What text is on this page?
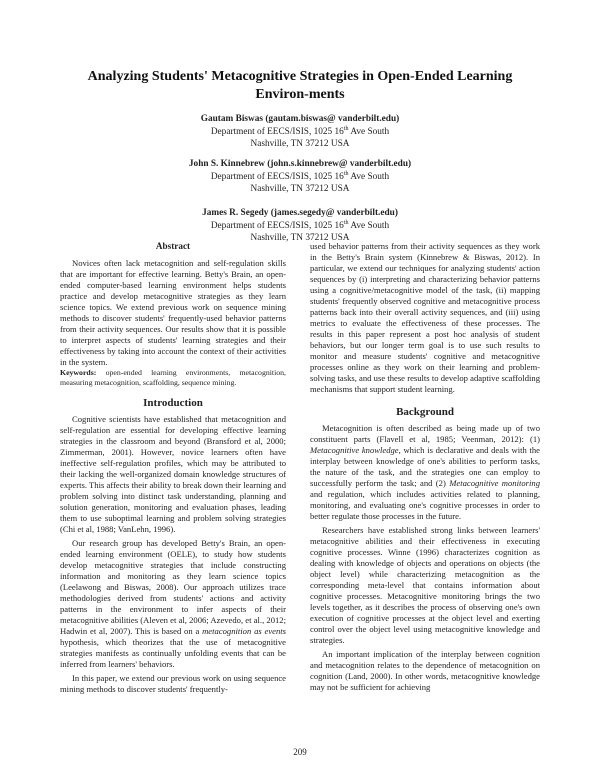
Analyzing Students' Metacognitive Strategies in Open-Ended Learning Environ-ments
Gautam Biswas (gautam.biswas@ vanderbilt.edu)
Department of EECS/ISIS, 1025 16th Ave South
Nashville, TN 37212 USA
John S. Kinnebrew (john.s.kinnebrew@ vanderbilt.edu)
Department of EECS/ISIS, 1025 16th Ave South
Nashville, TN 37212 USA
James R. Segedy (james.segedy@ vanderbilt.edu)
Department of EECS/ISIS, 1025 16th Ave South
Nashville, TN 37212 USA
Abstract

Novices often lack metacognition and self-regulation skills that are important for effective learning. Betty's Brain, an open-ended computer-based learning environment helps students practice and develop metacognitive strategies as they learn science topics. We extend previous work on sequence mining methods to discover students' frequently-used behavior patterns from their activity sequences. Our results show that it is possible to interpret aspects of students' learning strategies and their effectiveness by taking into account the context of their activities in the system.

Keywords: open-ended learning environments, metacognition, measuring metacognition, scaffolding, sequence mining.

Introduction

Cognitive scientists have established that metacognition and self-regulation are essential for developing effective learning strategies in the classroom and beyond (Bransford et al, 2000; Zimmerman, 2001). However, novice learners often have ineffective self-regulation profiles, which may be attributed to their lacking the well-organized domain knowledge structures of experts. This affects their ability to break down their learning and problem solving into distinct task understanding, planning and solution generation, monitoring and evaluation phases, leading them to use suboptimal learning and problem solving strategies (Chi et al, 1988; VanLehn, 1996).

Our research group has developed Betty's Brain, an open-ended learning environment (OELE), to study how students develop metacognitive strategies that include constructing information and monitoring as they learn science topics (Leelawong and Biswas, 2008). Our approach utilizes trace methodologies derived from students' actions and activity patterns in the environment to infer aspects of their metacognitive abilities (Aleven et al, 2006; Azevedo, et al., 2012; Hadwin et al, 2007). This is based on a metacognition as events hypothesis, which theorizes that the use of metacognitive strategies manifests as continually unfolding events that can be inferred from learners' behaviors.

In this paper, we extend our previous work on using sequence mining methods to discover students' frequently-

used behavior patterns from their activity sequences as they work in the Betty's Brain system (Kinnebrew & Biswas, 2012). In particular, we extend our techniques for analyzing students' action sequences by (i) interpreting and characterizing behavior patterns using a cognitive/metacognitive model of the task, (ii) mapping students' frequently observed cognitive and metacognitive process patterns back into their overall activity sequences, and (iii) using metrics to evaluate the effectiveness of these processes. The results in this paper represent a post hoc analysis of student behaviors, but our longer term goal is to use such results to monitor and measure students' cognitive and metacognitive processes online as they work on their learning and problem-solving tasks, and use these results to develop adaptive scaffolding mechanisms that support student learning.

Background

Metacognition is often described as being made up of two constituent parts (Flavell et al, 1985; Veenman, 2012): (1) Metacognitive knowledge, which is declarative and deals with the interplay between knowledge of one's abilities to perform tasks, the nature of the task, and the strategies one can employ to successfully perform the task; and (2) Metacognitive monitoring and regulation, which includes activities related to planning, monitoring, and evaluating one's cognitive processes in order to better regulate those processes in the future.

Researchers have established strong links between learners' metacognitive abilities and their effectiveness in executing cognitive processes. Winne (1996) characterizes cognition as dealing with knowledge of objects and operations on objects (the object level) while characterizing metacognition as the corresponding meta-level that contains information about cognitive processes. Metacognitive monitoring brings the two levels together, as it describes the process of observing one's own execution of cognitive processes at the object level and exerting control over the object level using metacognitive knowledge and strategies.

An important implication of the interplay between cognition and metacognition relates to the dependence of metacognition on cognition (Land, 2000). In other words, metacognitive knowledge may not be sufficient for achieving

209
